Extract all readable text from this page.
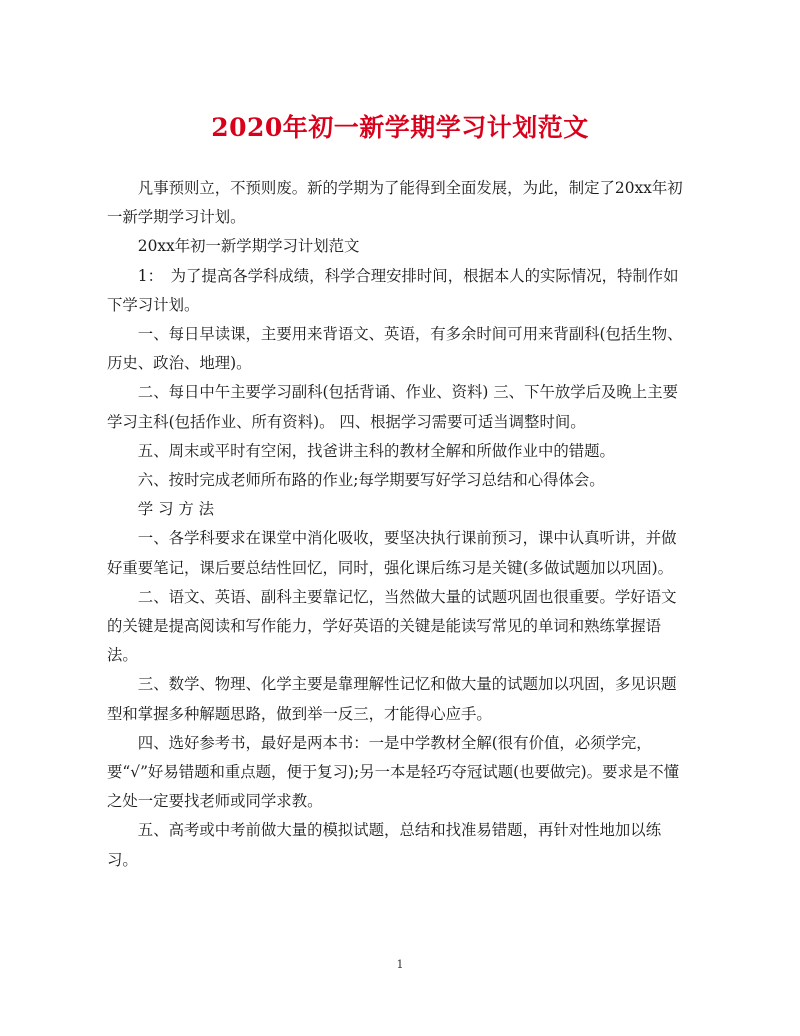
2020年初一新学期学习计划范文

凡事预则立，不预则废。新的学期为了能得到全面发展，为此，制定了20xx年初一新学期学习计划。

20xx年初一新学期学习计划范文

1：　为了提高各学科成绩，科学合理安排时间，根据本人的实际情况，特制作如下学习计划。

一、每日早读课，主要用来背语文、英语，有多余时间可用来背副科(包括生物、历史、政治、地理)。

二、每日中午主要学习副科(包括背诵、作业、资料) 三、下午放学后及晚上主要学习主科(包括作业、所有资料)。 四、根据学习需要可适当调整时间。

五、周末或平时有空闲，找爸讲主科的教材全解和所做作业中的错题。

六、按时完成老师所布路的作业;每学期要写好学习总结和心得体会。

学 习 方 法

一、各学科要求在课堂中消化吸收，要坚决执行课前预习，课中认真听讲，并做好重要笔记，课后要总结性回忆，同时，强化课后练习是关键(多做试题加以巩固)。

二、语文、英语、副科主要靠记忆，当然做大量的试题巩固也很重要。学好语文的关键是提高阅读和写作能力，学好英语的关键是能读写常见的单词和熟练掌握语法。

三、数学、物理、化学主要是靠理解性记忆和做大量的试题加以巩固，多见识题型和掌握多种解题思路，做到举一反三，才能得心应手。

四、选好参考书，最好是两本书：一是中学教材全解(很有价值，必须学完，要“√”好易错题和重点题，便于复习);另一本是轻巧夺冠试题(也要做完)。要求是不懂之处一定要找老师或同学求教。

五、高考或中考前做大量的模拟试题，总结和找准易错题，再针对性地加以练习。

1
